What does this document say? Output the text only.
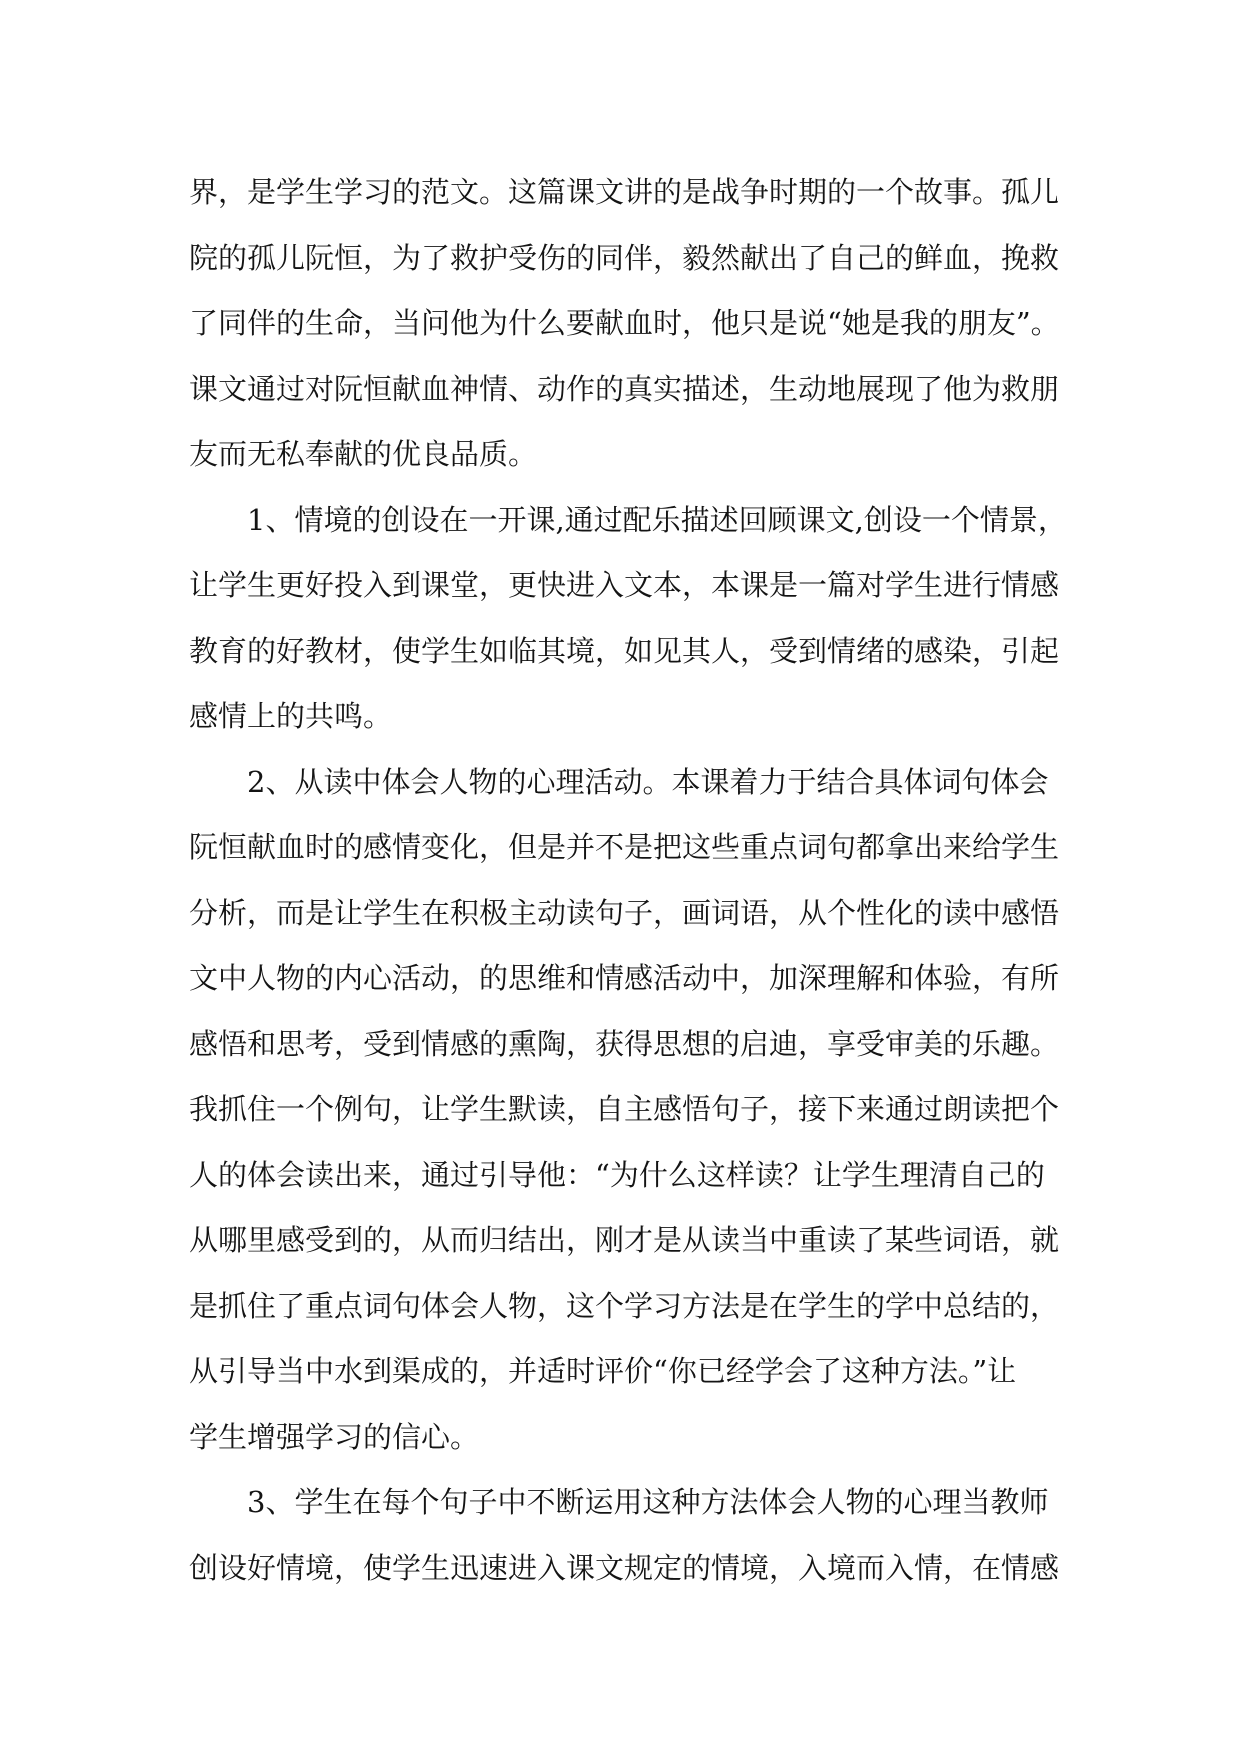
界，是学生学习的范文。这篇课文讲的是战争时期的一个故事。孤儿
院的孤儿阮恒，为了救护受伤的同伴，毅然献出了自己的鲜血，挽救
了同伴的生命，当问他为什么要献血时，他只是说“她是我的朋友”。
课文通过对阮恒献血神情、动作的真实描述，生动地展现了他为救朋
友而无私奉献的优良品质。
1、情境的创设在一开课,通过配乐描述回顾课文,创设一个情景，
让学生更好投入到课堂，更快进入文本，本课是一篇对学生进行情感
教育的好教材，使学生如临其境，如见其人，受到情绪的感染，引起
感情上的共鸣。
2、从读中体会人物的心理活动。本课着力于结合具体词句体会
阮恒献血时的感情变化，但是并不是把这些重点词句都拿出来给学生
分析，而是让学生在积极主动读句子，画词语，从个性化的读中感悟
文中人物的内心活动，的思维和情感活动中，加深理解和体验，有所
感悟和思考，受到情感的熏陶，获得思想的启迪，享受审美的乐趣。
我抓住一个例句，让学生默读，自主感悟句子，接下来通过朗读把个
人的体会读出来，通过引导他：“为什么这样读？让学生理清自己的
从哪里感受到的，从而归结出，刚才是从读当中重读了某些词语，就
是抓住了重点词句体会人物，这个学习方法是在学生的学中总结的，
从引导当中水到渠成的，并适时评价“你已经学会了这种方法。”让
学生增强学习的信心。
3、学生在每个句子中不断运用这种方法体会人物的心理当教师
创设好情境，使学生迅速进入课文规定的情境，入境而入情，在情感
